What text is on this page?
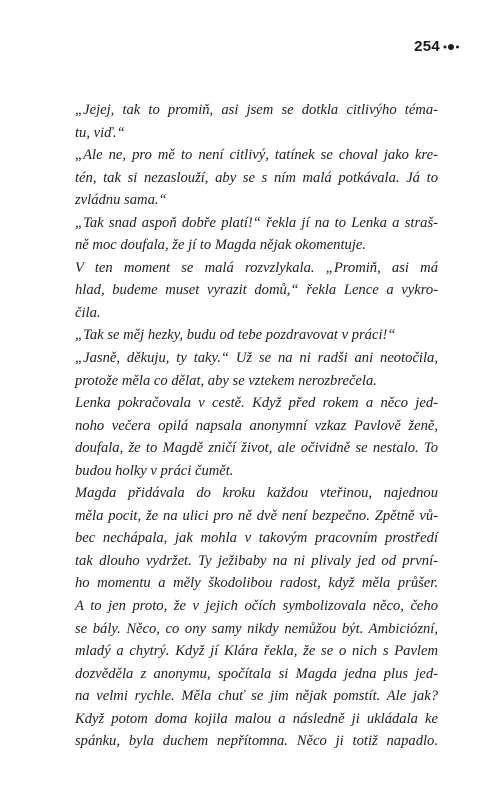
254

„Jejej, tak to promiň, asi jsem se dotkla citlivýho téma-
tu, viď.“

„Ale ne, pro mě to není citlivý, tatínek se choval jako kre-
tén, tak si nezaslouží, aby se s ním malá potkávala. Já to
zvládnu sama.“

„Tak snad aspoň dobře platí!“ řekla jí na to Lenka a straš-
ně moc doufala, že jí to Magda nějak okomentuje.

V ten moment se malá rozvzlykala. „Promiň, asi má
hlad, budeme muset vyrazit domů,“ řekla Lence a vykro-
čila.

„Tak se měj hezky, budu od tebe pozdravovat v práci!“

„Jasně, děkuju, ty taky.“ Už se na ni radši ani neotočila,
protože měla co dělat, aby se vztekem nerozbrečela.

Lenka pokračovala v cestě. Když před rokem a něco jed-
noho večera opilá napsala anonymní vzkaz Pavlově ženě,
doufala, že to Magdě zničí život, ale očividně se nestalo. To
budou holky v práci čumět.

Magda přidávala do kroku každou vteřinou, najednou
měla pocit, že na ulici pro ně dvě není bezpečno. Zpětně vů-
bec nechápala, jak mohla v takovým pracovním prostředí
tak dlouho vydržet. Ty ježibaby na ni plivaly jed od první-
ho momentu a měly škodolibou radost, když měla průšer.
A to jen proto, že v jejich očích symbolizovala něco, čeho
se bály. Něco, co ony samy nikdy nemůžou být. Ambiciózní,
mladý a chytrý. Když jí Klára řekla, že se o nich s Pavlem
dozvěděla z anonymu, spočítala si Magda jedna plus jed-
na velmi rychle. Měla chuť se jim nějak pomstít. Ale jak?
Když potom doma kojila malou a následně ji ukládala ke
spánku, byla duchem nepřítomna. Něco ji totiž napadlo.
